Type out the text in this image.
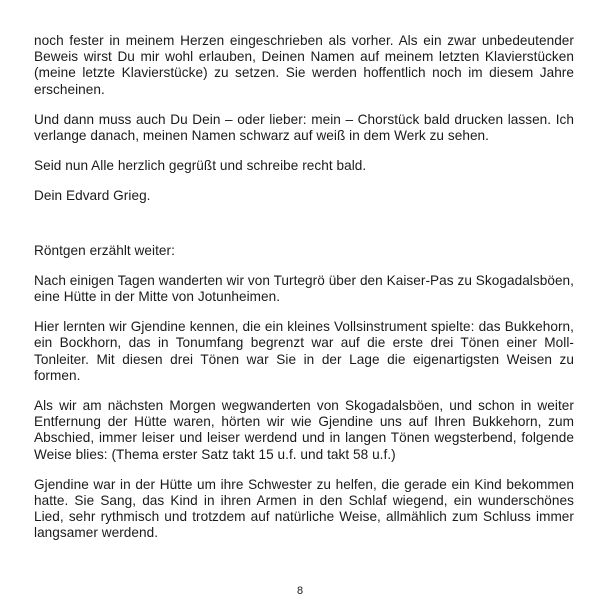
noch fester in meinem Herzen eingeschrieben als vorher. Als ein zwar unbedeutender Beweis wirst Du mir wohl erlauben, Deinen Namen auf meinem letzten Klavierstücken (meine letzte Klavierstücke) zu setzen. Sie werden hoffentlich noch im diesem Jahre erscheinen.

Und dann muss auch Du Dein – oder lieber: mein – Chorstück bald drucken lassen. Ich verlange danach, meinen Namen schwarz auf weiß in dem Werk zu sehen.

Seid nun Alle herzlich gegrüßt und schreibe recht bald.

Dein Edvard Grieg.

Röntgen erzählt weiter:

Nach einigen Tagen wanderten wir von Turtegrö über den Kaiser-Pas zu Skogadalsböen, eine Hütte in der Mitte von Jotunheimen.

Hier lernten wir Gjendine kennen, die ein kleines Vollsinstrument spielte: das Bukkehorn, ein Bockhorn, das in Tonumfang begrenzt war auf die erste drei Tönen einer Moll-Tonleiter. Mit diesen drei Tönen war Sie in der Lage die eigenartigsten Weisen zu formen.

Als wir am nächsten Morgen wegwanderten von Skogadalsböen, und schon in weiter Entfernung der Hütte waren, hörten wir wie Gjendine uns auf Ihren Bukkehorn, zum Abschied, immer leiser und leiser werdend und in langen Tönen wegsterbend, folgende Weise blies: (Thema erster Satz takt 15 u.f. und takt 58 u.f.)

Gjendine war in der Hütte um ihre Schwester zu helfen, die gerade ein Kind bekommen hatte. Sie Sang, das Kind in ihren Armen in den Schlaf wiegend, ein wunderschönes Lied, sehr rythmisch und trotzdem auf natürliche Weise, allmählich zum Schluss immer langsamer werdend.

8
